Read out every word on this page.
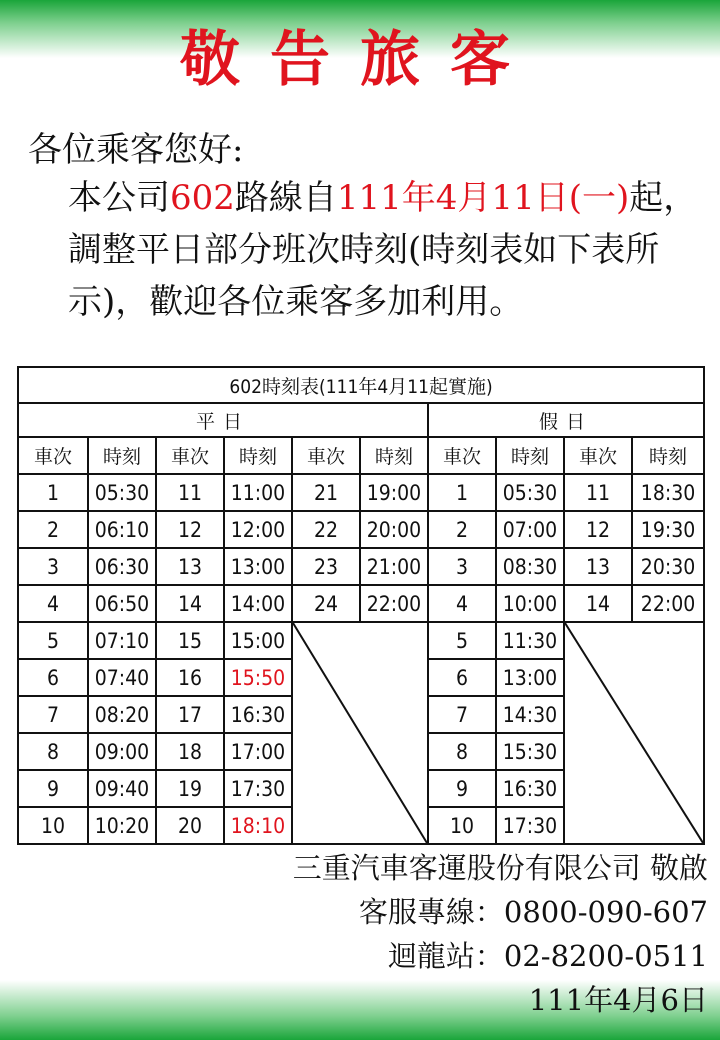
敬告旅客
各位乘客您好:
本公司602路線自111年4月11日(一)起，調整平日部分班次時刻(時刻表如下表所示)，歡迎各位乘客多加利用。
602時刻表(111年4月11起實施)									
平日						假日			
車次	時刻	車次	時刻	車次	時刻	車次	時刻	車次	時刻
1	05:30	11	11:00	21	19:00	1	05:30	11	18:30
2	06:10	12	12:00	22	20:00	2	07:00	12	19:30
3	06:30	13	13:00	23	21:00	3	08:30	13	20:30
4	06:50	14	14:00	24	22:00	4	10:00	14	22:00
5	07:10	15	15:00			5	11:30	

6	07:40	16	15:50			6	13:00		
7	08:20	17	16:30			7	14:30		
8	09:00	18	17:00			8	15:30		
9	09:40	19	17:30			9	16:30		
10	10:20	20	18:10			10	17:30		
三重汽車客運股份有限公司 敬啟
客服專線：0800-090-607
迴龍站：02-8200-0511
111年4月6日
